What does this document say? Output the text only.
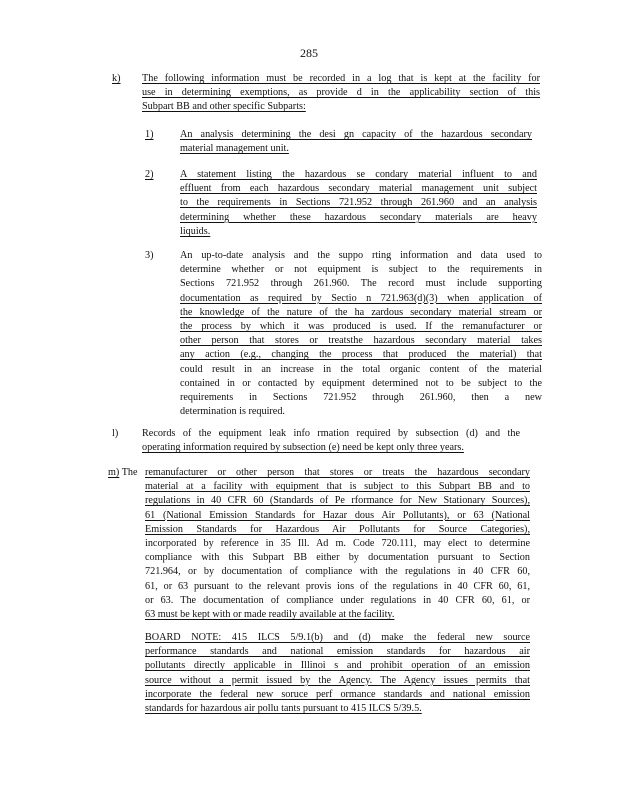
285
k) The following information must be recorded in a log that is kept at the facility for
use in determining exemptions, as provide d in the applicability section of this
Subpart BB and other specific Subparts:
1)	An analysis determining the desi gn capacity of the hazardous secondary
material management unit.
2)	A statement listing the hazardous se condary material influent to and
effluent from each hazardous secondary material management unit subject
to the requirements in Sections 721.952 through 261.960 and an analysis
determining whether these hazardous secondary materials are heavy
liquids.
3)	An up-to-date analysis and the suppo rting information and data used to
determine whether or not equipment is subject to the requirements in
Sections 721.952 through 261.960. The record must include supporting
documentation as required by Sectio n 721.963(d)(3) when application of
the knowledge of the nature of the ha zardous secondary material stream or
the process by which it was produced is used. If the remanufacturer or
other person that stores or treatsthe hazardous secondary material takes
any action (e.g., changing the process that produced the material) that
could result in an increase in the total organic content of the material
contained in or contacted by equipment determined not to be subject to the
requirements in Sections 721.952 through 261.960, then a new
determination is required.
l) Records of the equipment leak info rmation required by subsection (d) and the
operating information required by subsection (e) need be kept only three years.
m) The remanufacturer or other person that stores or treats the hazardous secondary
material at a facility with equipment that is subject to this Subpart BB and to
regulations in 40 CFR 60 (Standards of Pe rformance for New Stationary Sources),
61 (National Emission Standards for Hazar dous Air Pollutants), or 63 (National
Emission Standards for Hazardous Air Pollutants for Source Categories),
incorporated by reference in 35 Ill. Ad m. Code 720.111, may elect to determine
compliance with this Subpart BB either by documentation pursuant to Section
721.964, or by documentation of compliance with the regulations in 40 CFR 60,
61, or 63 pursuant to the relevant provis ions of the regulations in 40 CFR 60, 61,
or 63. The documentation of compliance under regulations in 40 CFR 60, 61, or
63 must be kept with or made readily available at the facility.
BOARD NOTE: 415 ILCS 5/9.1(b) and (d) make the federal new source
performance standards and national emission standards for hazardous air
pollutants directly applicable in Illinoi s and prohibit operation of an emission
source without a permit issued by the Agency. The Agency issues permits that
incorporate the federal new soruce perf ormance standards and national emission
standards for hazardous air pollu tants pursuant to 415 ILCS 5/39.5.
